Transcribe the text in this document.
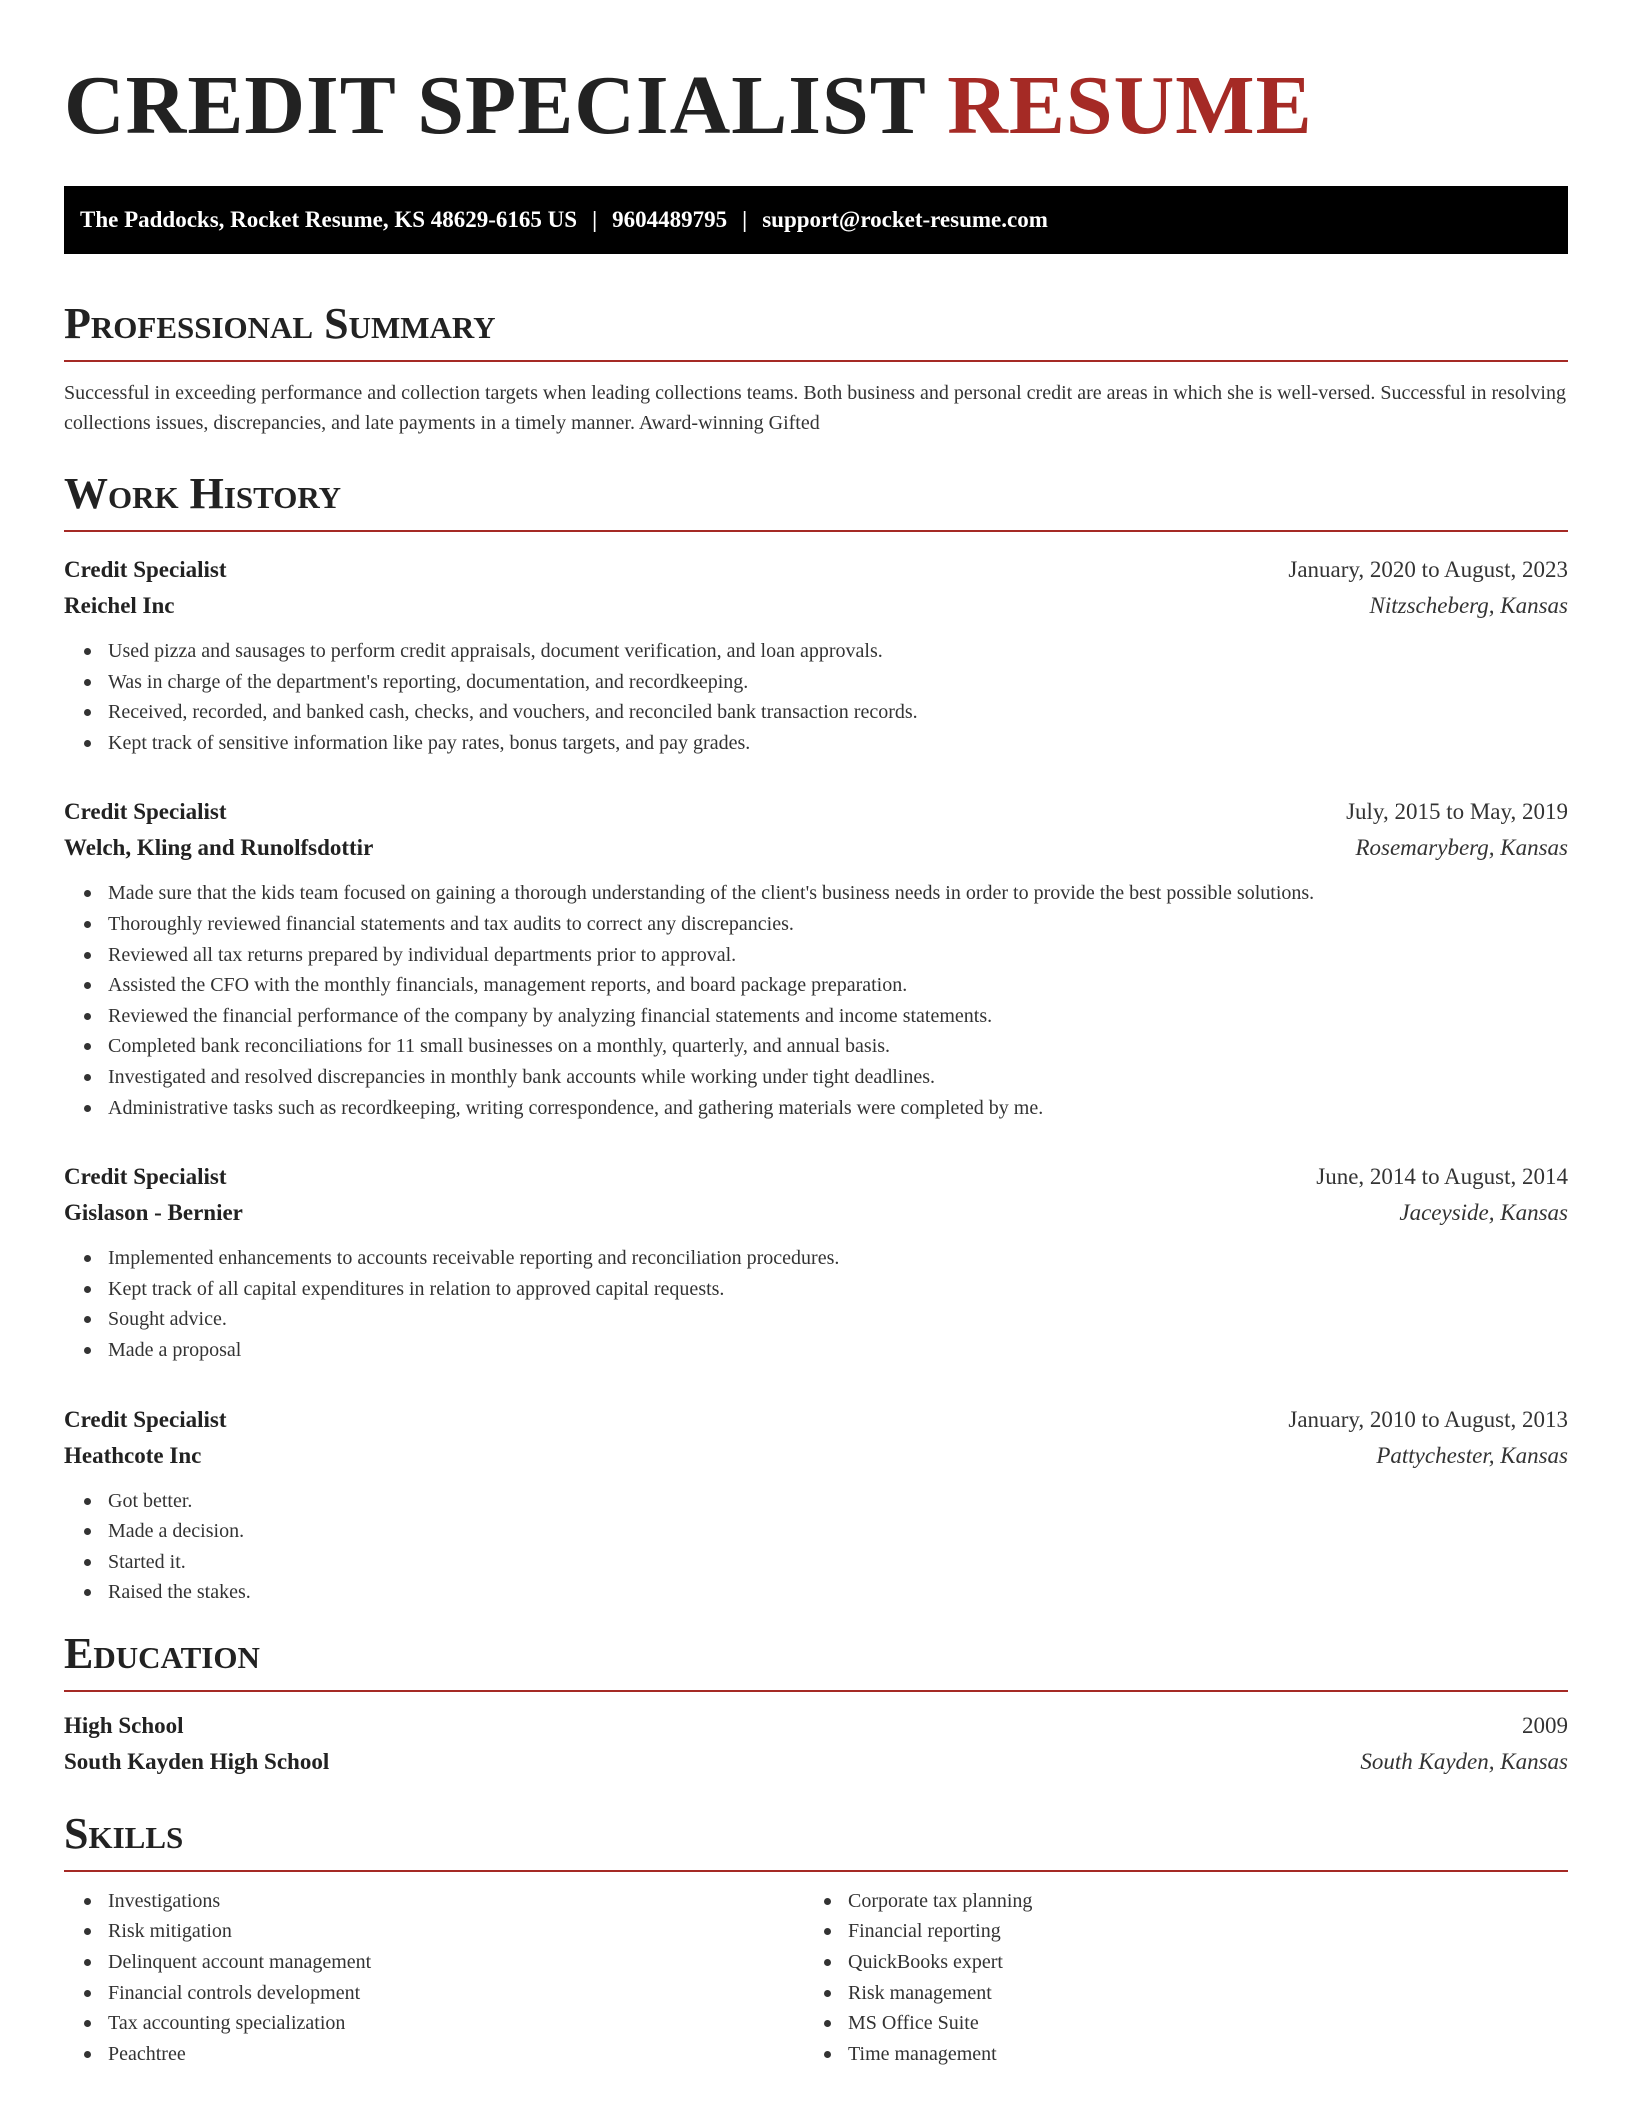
CREDIT SPECIALIST RESUME
The Paddocks, Rocket Resume, KS 48629-6165 US | 9604489795 | support@rocket-resume.com
Professional Summary

Successful in exceeding performance and collection targets when leading collections teams. Both business and personal credit are areas in which she is well-versed. Successful in resolving collections issues, discrepancies, and late payments in a timely manner. Award-winning Gifted

Work History
Credit Specialist	January, 2020 to August, 2023
Reichel Inc	Nitzscheberg, Kansas
Used pizza and sausages to perform credit appraisals, document verification, and loan approvals.
Was in charge of the department's reporting, documentation, and recordkeeping.
Received, recorded, and banked cash, checks, and vouchers, and reconciled bank transaction records.
Kept track of sensitive information like pay rates, bonus targets, and pay grades.
Credit Specialist	July, 2015 to May, 2019
Welch, Kling and Runolfsdottir	Rosemaryberg, Kansas
Made sure that the kids team focused on gaining a thorough understanding of the client's business needs in order to provide the best possible solutions.
Thoroughly reviewed financial statements and tax audits to correct any discrepancies.
Reviewed all tax returns prepared by individual departments prior to approval.
Assisted the CFO with the monthly financials, management reports, and board package preparation.
Reviewed the financial performance of the company by analyzing financial statements and income statements.
Completed bank reconciliations for 11 small businesses on a monthly, quarterly, and annual basis.
Investigated and resolved discrepancies in monthly bank accounts while working under tight deadlines.
Administrative tasks such as recordkeeping, writing correspondence, and gathering materials were completed by me.
Credit Specialist	June, 2014 to August, 2014
Gislason - Bernier	Jaceyside, Kansas
Implemented enhancements to accounts receivable reporting and reconciliation procedures.
Kept track of all capital expenditures in relation to approved capital requests.
Sought advice.
Made a proposal
Credit Specialist	January, 2010 to August, 2013
Heathcote Inc	Pattychester, Kansas
Got better.
Made a decision.
Started it.
Raised the stakes.
Education
High School	2009
South Kayden High School	South Kayden, Kansas
Skills
Investigations
Risk mitigation
Delinquent account management
Financial controls development
Tax accounting specialization
Peachtree
Corporate tax planning
Financial reporting
QuickBooks expert
Risk management
MS Office Suite
Time management
